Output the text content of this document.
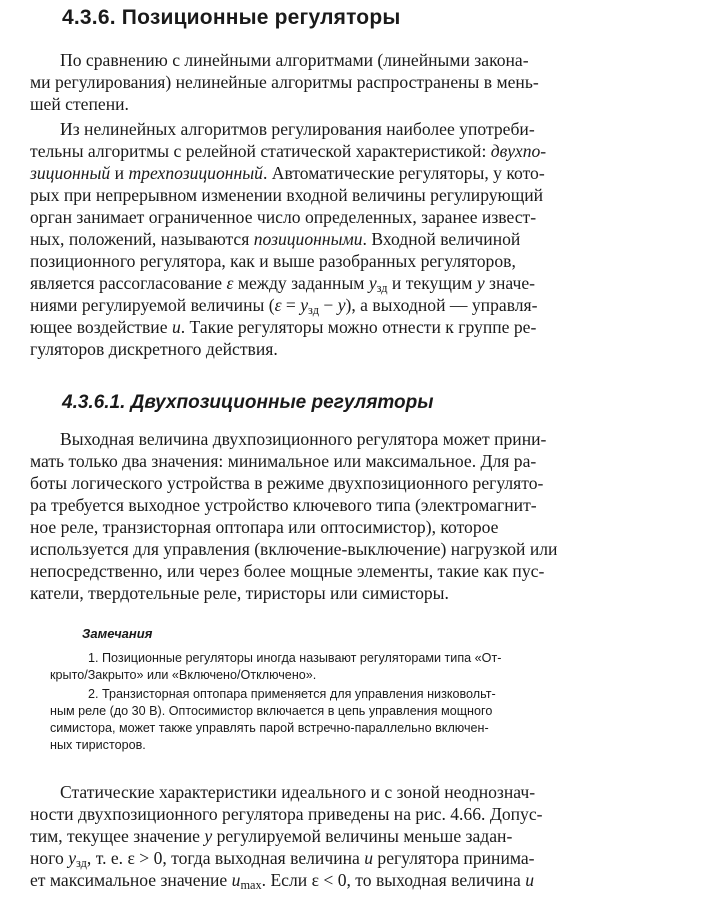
4.3.6. Позиционные регуляторы
По сравнению с линейными алгоритмами (линейными закона-
ми регулирования) нелинейные алгоритмы распространены в мень-
шей степени.
Из нелинейных алгоритмов регулирования наиболее употреби-
тельны алгоритмы с релейной статической характеристикой: двухпо-
зиционный и трехпозиционный. Автоматические регуляторы, у кото-
рых при непрерывном изменении входной величины регулирующий
орган занимает ограниченное число определенных, заранее извест-
ных, положений, называются позиционными. Входной величиной
позиционного регулятора, как и выше разобранных регуляторов,
является рассогласование ε между заданным $y_{зд}$ и текущим y значе-
ниями регулируемой величины $(\varepsilon = y_{зд} - y)$, а выходной — управля-
ющее воздействие u. Такие регуляторы можно отнести к группе ре-
гуляторов дискретного действия.
4.3.6.1. Двухпозиционные регуляторы
Выходная величина двухпозиционного регулятора может прини-
мать только два значения: минимальное или максимальное. Для ра-
боты логического устройства в режиме двухпозиционного регулято-
ра требуется выходное устройство ключевого типа (электромагнит-
ное реле, транзисторная оптопара или оптосимистор), которое
используется для управления (включение-выключение) нагрузкой или
непосредственно, или через более мощные элементы, такие как пус-
катели, твердотельные реле, тиристоры или симисторы.
Замечания
1. Позиционные регуляторы иногда называют регуляторами типа «От-
крыто/Закрыто» или «Включено/Отключено».
2. Транзисторная оптопара применяется для управления низковольт-
ным реле (до 30 В). Оптосимистор включается в цепь управления мощного
симистора, может также управлять парой встречно-параллельно включен-
ных тиристоров.
Статические характеристики идеального и с зоной неоднознач-
ности двухпозиционного регулятора приведены на рис. 4.66. Допус-
тим, текущее значение y регулируемой величины меньше задан-
ного $y_{зд}$, т. е. ε > 0, тогда выходная величина u регулятора принима-
ет максимальное значение $u_{max}$. Если ε < 0, то выходная величина u
